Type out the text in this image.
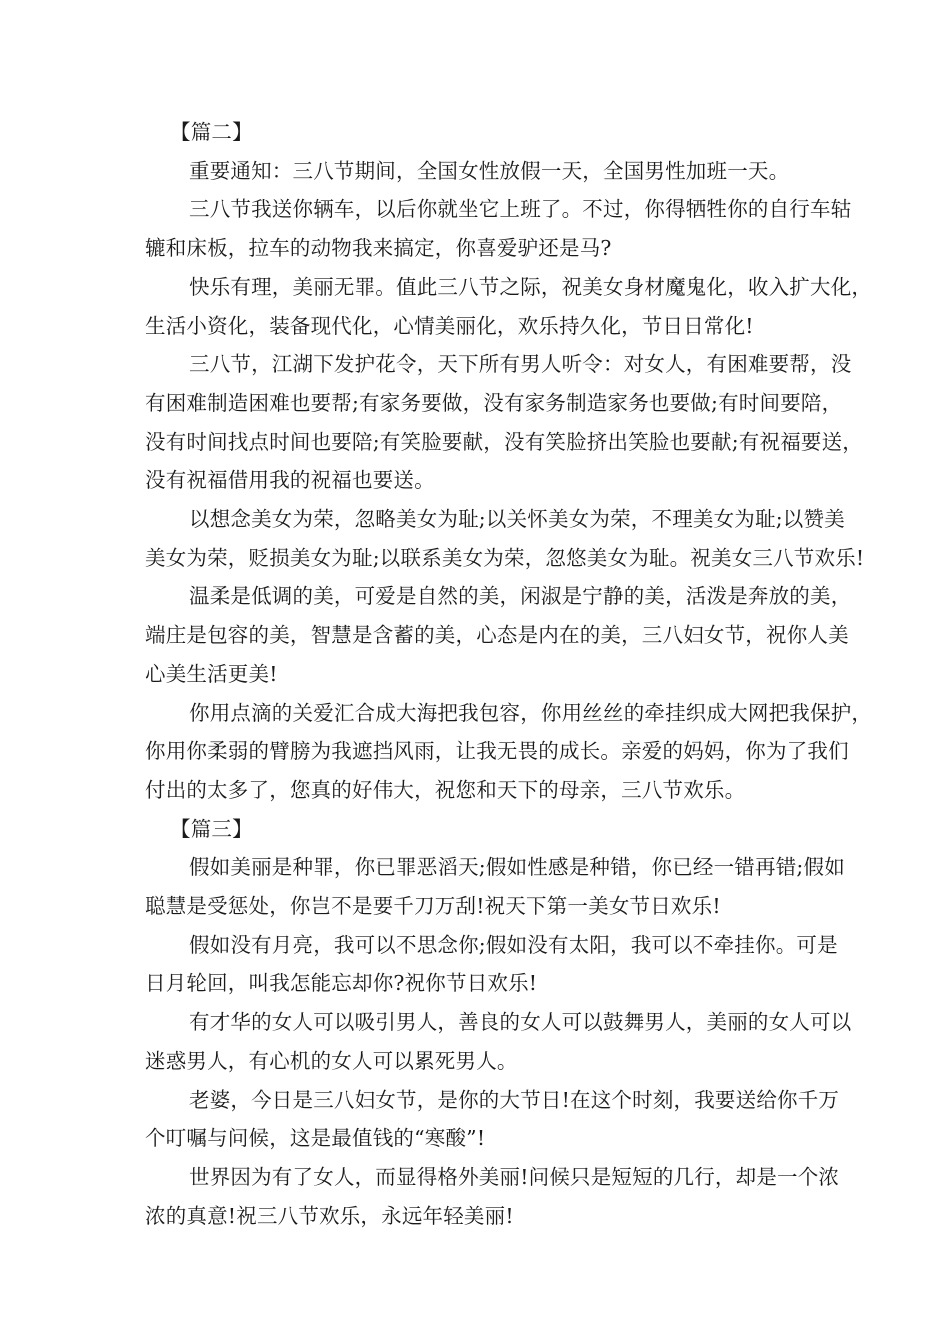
【篇二】
重要通知：三八节期间，全国女性放假一天，全国男性加班一天。
三八节我送你辆车，以后你就坐它上班了。不过，你得牺牲你的自行车轱
辘和床板，拉车的动物我来搞定，你喜爱驴还是马?
快乐有理，美丽无罪。值此三八节之际，祝美女身材魔鬼化，收入扩大化，
生活小资化，装备现代化，心情美丽化，欢乐持久化，节日日常化!
三八节，江湖下发护花令，天下所有男人听令：对女人，有困难要帮，没
有困难制造困难也要帮;有家务要做，没有家务制造家务也要做;有时间要陪，
没有时间找点时间也要陪;有笑脸要献，没有笑脸挤出笑脸也要献;有祝福要送，
没有祝福借用我的祝福也要送。
以想念美女为荣，忽略美女为耻;以关怀美女为荣，不理美女为耻;以赞美
美女为荣，贬损美女为耻;以联系美女为荣，忽悠美女为耻。祝美女三八节欢乐!
温柔是低调的美，可爱是自然的美，闲淑是宁静的美，活泼是奔放的美，
端庄是包容的美，智慧是含蓄的美，心态是内在的美，三八妇女节，祝你人美
心美生活更美!
你用点滴的关爱汇合成大海把我包容，你用丝丝的牵挂织成大网把我保护，
你用你柔弱的臂膀为我遮挡风雨，让我无畏的成长。亲爱的妈妈，你为了我们
付出的太多了，您真的好伟大，祝您和天下的母亲，三八节欢乐。
【篇三】
假如美丽是种罪，你已罪恶滔天;假如性感是种错，你已经一错再错;假如
聪慧是受惩处，你岂不是要千刀万刮!祝天下第一美女节日欢乐!
假如没有月亮，我可以不思念你;假如没有太阳，我可以不牵挂你。可是
日月轮回，叫我怎能忘却你?祝你节日欢乐!
有才华的女人可以吸引男人，善良的女人可以鼓舞男人，美丽的女人可以
迷惑男人，有心机的女人可以累死男人。
老婆，今日是三八妇女节，是你的大节日!在这个时刻，我要送给你千万
个叮嘱与问候，这是最值钱的“寒酸”!
世界因为有了女人，而显得格外美丽!问候只是短短的几行，却是一个浓
浓的真意!祝三八节欢乐，永远年轻美丽!
